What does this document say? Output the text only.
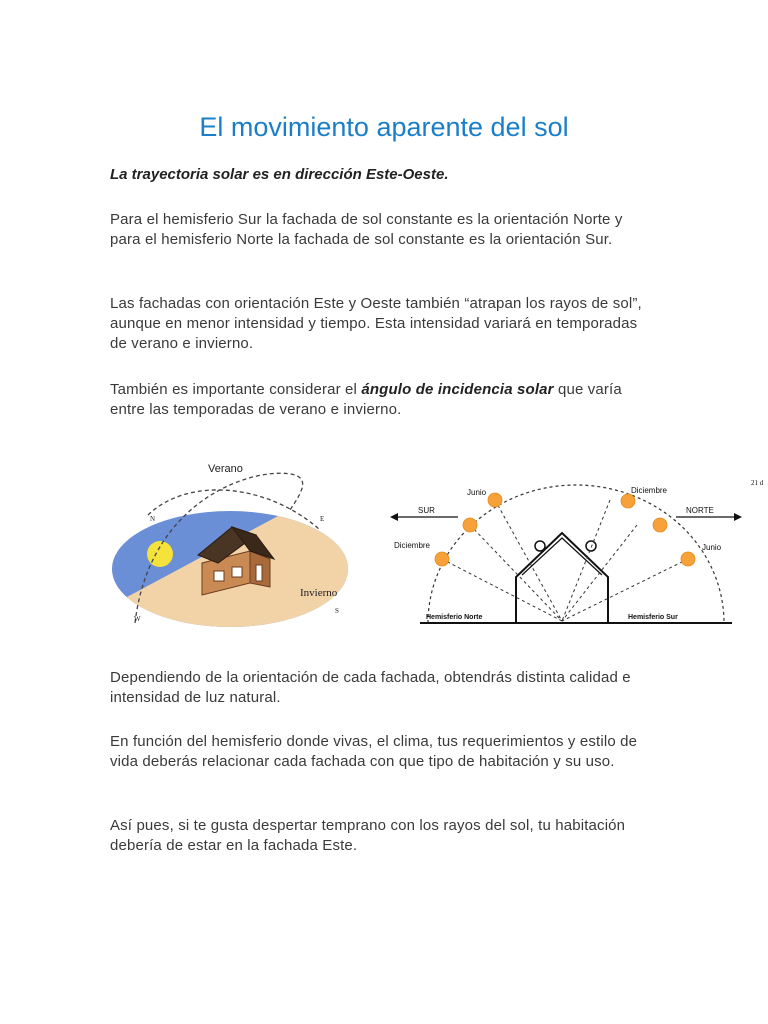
El movimiento aparente del sol

La trayectoria solar es en dirección Este-Oeste.

Para el hemisferio Sur la fachada de sol constante es la orientación Norte y para el hemisferio Norte la fachada de sol constante es la orientación Sur.

Las fachadas con orientación Este y Oeste también “atrapan los rayos de sol”, aunque en menor intensidad y tiempo. Esta intensidad variará en temporadas de verano e invierno.

También es importante considerar el ángulo de incidencia solar que varía entre las temporadas de verano e invierno.

Verano
Invierno
N	E
S
W
Junio
Diciembre
Diciembre
Junio
SUR	NORTE
Hemisferio Norte	Hemisferio Sur
21 d

Dependiendo de la orientación de cada fachada, obtendrás distinta calidad e intensidad de luz natural.

En función del hemisferio donde vivas, el clima, tus requerimientos y estilo de vida deberás relacionar cada fachada con que tipo de habitación y su uso.

Así pues, si te gusta despertar temprano con los rayos del sol, tu habitación debería de estar en la fachada Este.
